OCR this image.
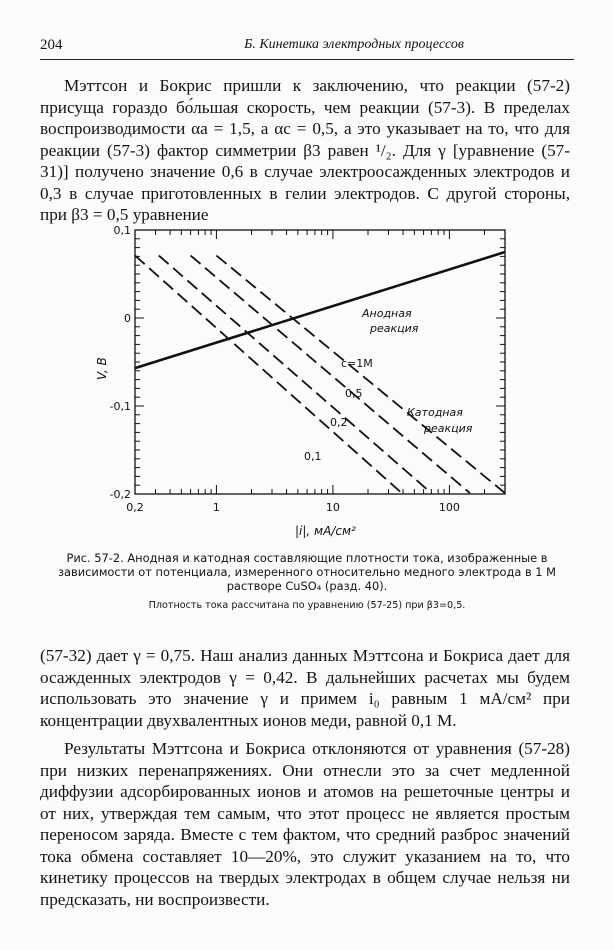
204	Б. Кинетика электродных процессов

Мэттсон и Бокрис пришли к заключению, что реакции (57-2) присуща гораздо бо́льшая скорость, чем реакции (57-3). В пределах воспроизводимости αa = 1,5, а αc = 0,5, а это указывает на то, что для реакции (57-3) фактор симметрии β3 равен ¹/₂. Для γ [уравнение (57-31)] получено значение 0,6 в случае электроосажденных электродов и 0,3 в случае приготовленных в гелии электродов. С другой стороны, при β3 = 0,5 уравнение

0,2	1	10	100
0,1
0
-0,1
-0,2
c=1M
0,5
0,2
0,1
Анодная
реакция
Катодная
реакция
|i|, мА/см²
V, B

Рис. 57-2. Анодная и катодная составляющие плотности тока, изображенные в зависимости от потенциала, измеренного относительно медного электрода в 1 М растворе CuSO₄ (разд. 40).

Плотность тока рассчитана по уравнению (57-25) при β3=0,5.

(57-32) дает γ = 0,75. Наш анализ данных Мэттсона и Бокриса дает для осажденных электродов γ = 0,42. В дальнейших расчетах мы будем использовать это значение γ и примем i₀ равным 1 мА/см² при концентрации двухвалентных ионов меди, равной 0,1 М.

Результаты Мэттсона и Бокриса отклоняются от уравнения (57-28) при низких перенапряжениях. Они отнесли это за счет медленной диффузии адсорбированных ионов и атомов на решеточные центры и от них, утверждая тем самым, что этот процесс не является простым переносом заряда. Вместе с тем фактом, что средний разброс значений тока обмена составляет 10—20%, это служит указанием на то, что кинетику процессов на твердых электродах в общем случае нельзя ни предсказать, ни воспроизвести.
